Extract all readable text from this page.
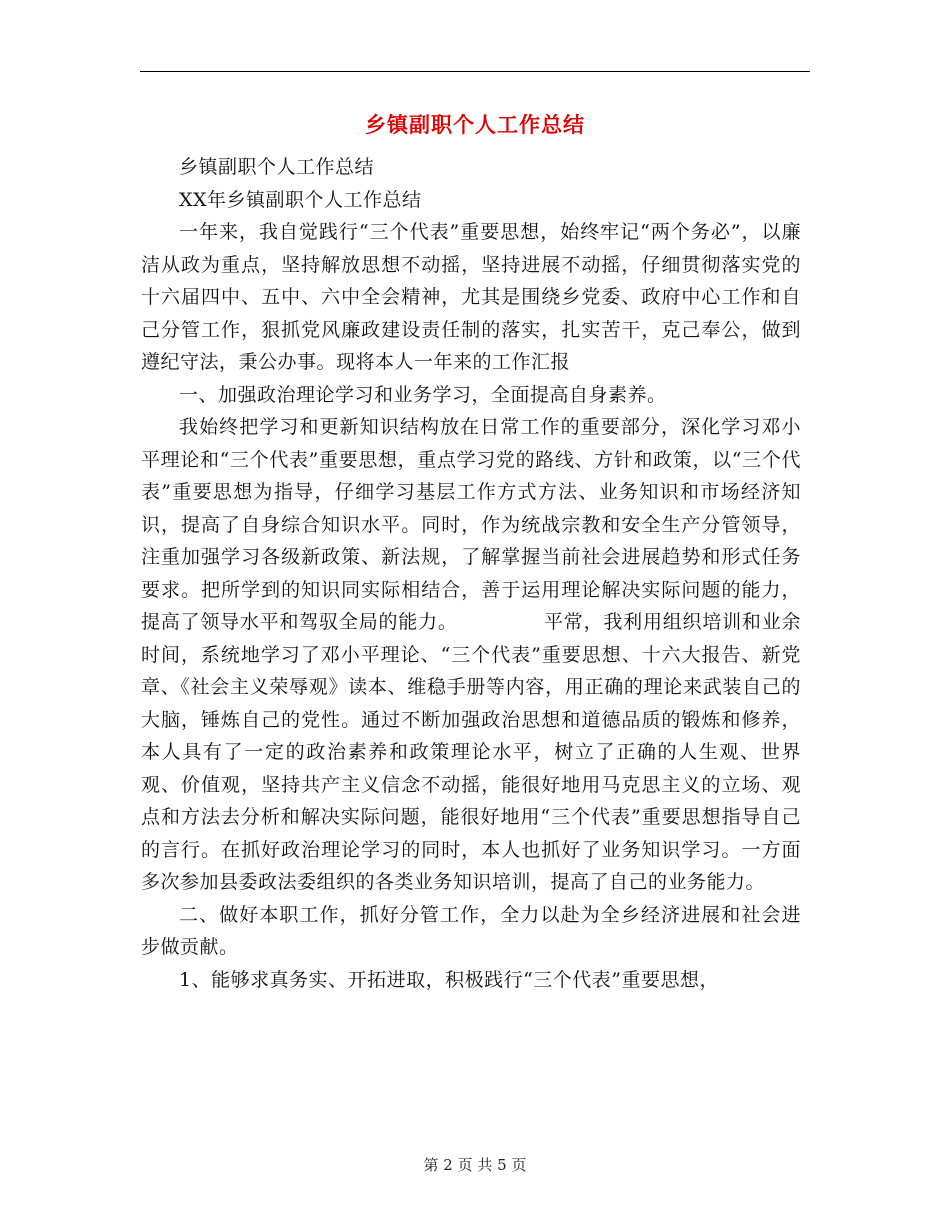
乡镇副职个人工作总结

乡镇副职个人工作总结

XX年乡镇副职个人工作总结

一年来，我自觉践行“三个代表”重要思想，始终牢记“两个务必”，以廉洁从政为重点，坚持解放思想不动摇，坚持进展不动摇，仔细贯彻落实党的十六届四中、五中、六中全会精神，尤其是围绕乡党委、政府中心工作和自己分管工作，狠抓党风廉政建设责任制的落实，扎实苦干，克己奉公，做到遵纪守法，秉公办事。现将本人一年来的工作汇报

一、加强政治理论学习和业务学习，全面提高自身素养。

我始终把学习和更新知识结构放在日常工作的重要部分，深化学习邓小平理论和“三个代表”重要思想，重点学习党的路线、方针和政策，以“三个代表”重要思想为指导，仔细学习基层工作方式方法、业务知识和市场经济知识，提高了自身综合知识水平。同时，作为统战宗教和安全生产分管领导，注重加强学习各级新政策、新法规，了解掌握当前社会进展趋势和形式任务要求。把所学到的知识同实际相结合，善于运用理论解决实际问题的能力，提高了领导水平和驾驭全局的能力。	平常，我利用组织培训和业余时间，系统地学习了邓小平理论、“三个代表”重要思想、十六大报告、新党章、《社会主义荣辱观》读本、维稳手册等内容，用正确的理论来武装自己的大脑，锤炼自己的党性。通过不断加强政治思想和道德品质的锻炼和修养，本人具有了一定的政治素养和政策理论水平，树立了正确的人生观、世界观、价值观，坚持共产主义信念不动摇，能很好地用马克思主义的立场、观点和方法去分析和解决实际问题，能很好地用“三个代表”重要思想指导自己的言行。在抓好政治理论学习的同时，本人也抓好了业务知识学习。一方面多次参加县委政法委组织的各类业务知识培训，提高了自己的业务能力。

二、做好本职工作，抓好分管工作，全力以赴为全乡经济进展和社会进步做贡献。

1、能够求真务实、开拓进取，积极践行“三个代表”重要思想，

第 2 页 共 5 页
